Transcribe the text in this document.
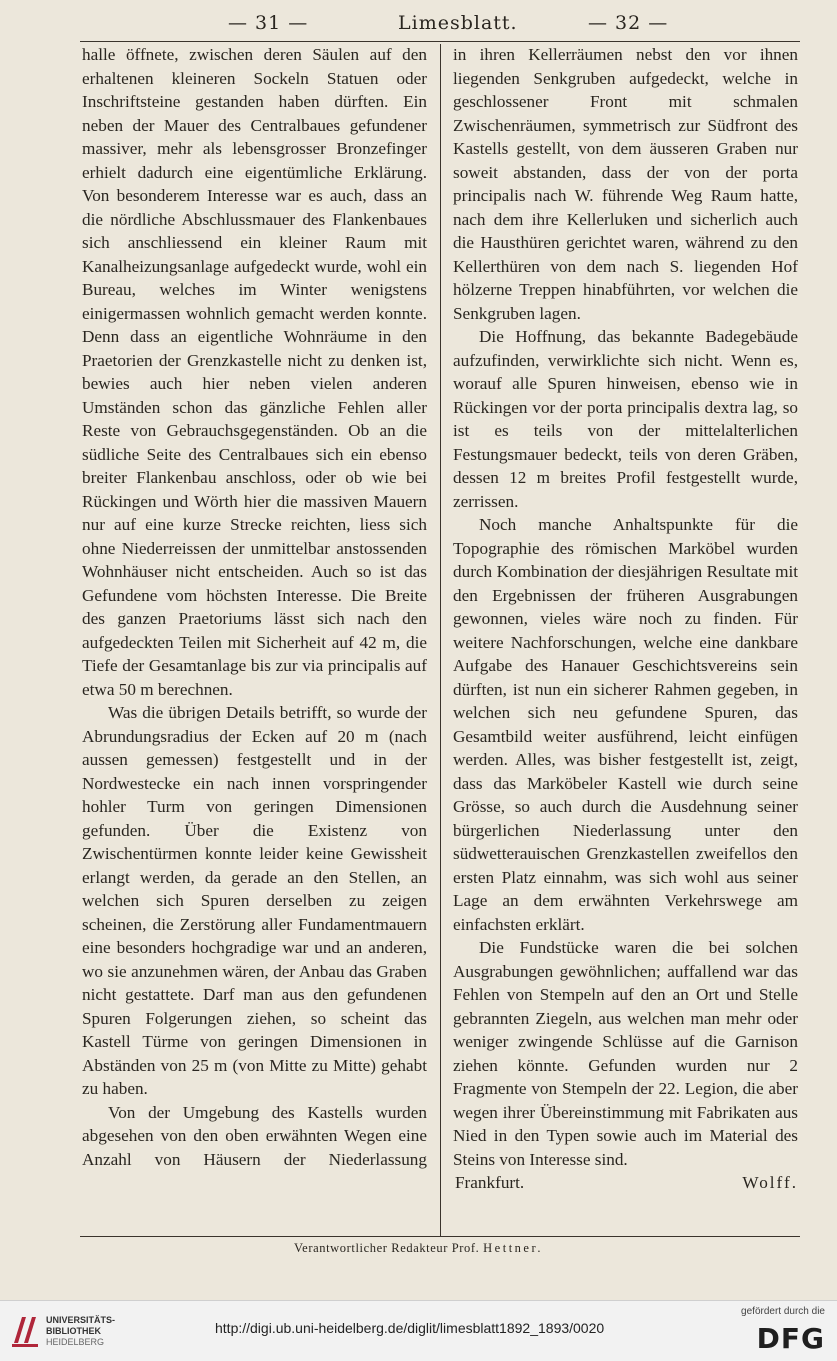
— 31 —	Limesblatt.	— 32 —

halle öffnete, zwischen deren Säulen auf den erhaltenen kleineren Sockeln Statuen oder Inschriftsteine gestanden haben dürften. Ein neben der Mauer des Centralbaues gefundener massiver, mehr als lebensgrosser Bronzefinger erhielt dadurch eine eigentümliche Erklärung. Von besonderem Interesse war es auch, dass an die nördliche Abschlussmauer des Flankenbaues sich anschliessend ein kleiner Raum mit Kanalheizungsanlage aufgedeckt wurde, wohl ein Bureau, welches im Winter wenigstens einigermassen wohnlich gemacht werden konnte. Denn dass an eigentliche Wohnräume in den Praetorien der Grenzkastelle nicht zu denken ist, bewies auch hier neben vielen anderen Umständen schon das gänzliche Fehlen aller Reste von Gebrauchsgegenständen. Ob an die südliche Seite des Centralbaues sich ein ebenso breiter Flankenbau anschloss, oder ob wie bei Rückingen und Wörth hier die massiven Mauern nur auf eine kurze Strecke reichten, liess sich ohne Niederreissen der unmittelbar anstossenden Wohnhäuser nicht entscheiden. Auch so ist das Gefundene vom höchsten Interesse. Die Breite des ganzen Praetoriums lässt sich nach den aufgedeckten Teilen mit Sicherheit auf 42 m, die Tiefe der Gesamtanlage bis zur via principalis auf etwa 50 m berechnen.

Was die übrigen Details betrifft, so wurde der Abrundungsradius der Ecken auf 20 m (nach aussen gemessen) festgestellt und in der Nordwestecke ein nach innen vorspringender hohler Turm von geringen Dimensionen gefunden. Über die Existenz von Zwischentürmen konnte leider keine Gewissheit erlangt werden, da gerade an den Stellen, an welchen sich Spuren derselben zu zeigen scheinen, die Zerstörung aller Fundamentmauern eine besonders hochgradige war und an anderen, wo sie anzunehmen wären, der Anbau das Graben nicht gestattete. Darf man aus den gefundenen Spuren Folgerungen ziehen, so scheint das Kastell Türme von geringen Dimensionen in Abständen von 25 m (von Mitte zu Mitte) gehabt zu haben.

Von der Umgebung des Kastells wurden abgesehen von den oben erwähnten Wegen eine Anzahl von Häusern der Niederlassung

in ihren Kellerräumen nebst den vor ihnen liegenden Senkgruben aufgedeckt, welche in geschlossener Front mit schmalen Zwischenräumen, symmetrisch zur Südfront des Kastells gestellt, von dem äusseren Graben nur soweit abstanden, dass der von der porta principalis nach W. führende Weg Raum hatte, nach dem ihre Kellerluken und sicherlich auch die Hausthüren gerichtet waren, während zu den Kellerthüren von dem nach S. liegenden Hof hölzerne Treppen hinabführten, vor welchen die Senkgruben lagen.

Die Hoffnung, das bekannte Badegebäude aufzufinden, verwirklichte sich nicht. Wenn es, worauf alle Spuren hinweisen, ebenso wie in Rückingen vor der porta principalis dextra lag, so ist es teils von der mittelalterlichen Festungsmauer bedeckt, teils von deren Gräben, dessen 12 m breites Profil festgestellt wurde, zerrissen.

Noch manche Anhaltspunkte für die Topographie des römischen Marköbel wurden durch Kombination der diesjährigen Resultate mit den Ergebnissen der früheren Ausgrabungen gewonnen, vieles wäre noch zu finden. Für weitere Nachforschungen, welche eine dankbare Aufgabe des Hanauer Geschichtsvereins sein dürften, ist nun ein sicherer Rahmen gegeben, in welchen sich neu gefundene Spuren, das Gesamtbild weiter ausführend, leicht einfügen werden. Alles, was bisher festgestellt ist, zeigt, dass das Marköbeler Kastell wie durch seine Grösse, so auch durch die Ausdehnung seiner bürgerlichen Niederlassung unter den südwetterauischen Grenzkastellen zweifellos den ersten Platz einnahm, was sich wohl aus seiner Lage an dem erwähnten Verkehrswege am einfachsten erklärt.

Die Fundstücke waren die bei solchen Ausgrabungen gewöhnlichen; auffallend war das Fehlen von Stempeln auf den an Ort und Stelle gebrannten Ziegeln, aus welchen man mehr oder weniger zwingende Schlüsse auf die Garnison ziehen könnte. Gefunden wurden nur 2 Fragmente von Stempeln der 22. Legion, die aber wegen ihrer Übereinstimmung mit Fabrikaten aus Nied in den Typen sowie auch im Material des Steins von Interesse sind.

Frankfurt.	Wolff.
Verantwortlicher Redakteur Prof. Hettner.
UNIVERSITÄTS-
BIBLIOTHEK
HEIDELBERG
http://digi.ub.uni-heidelberg.de/diglit/limesblatt1892_1893/0020
gefördert durch die
DFG
